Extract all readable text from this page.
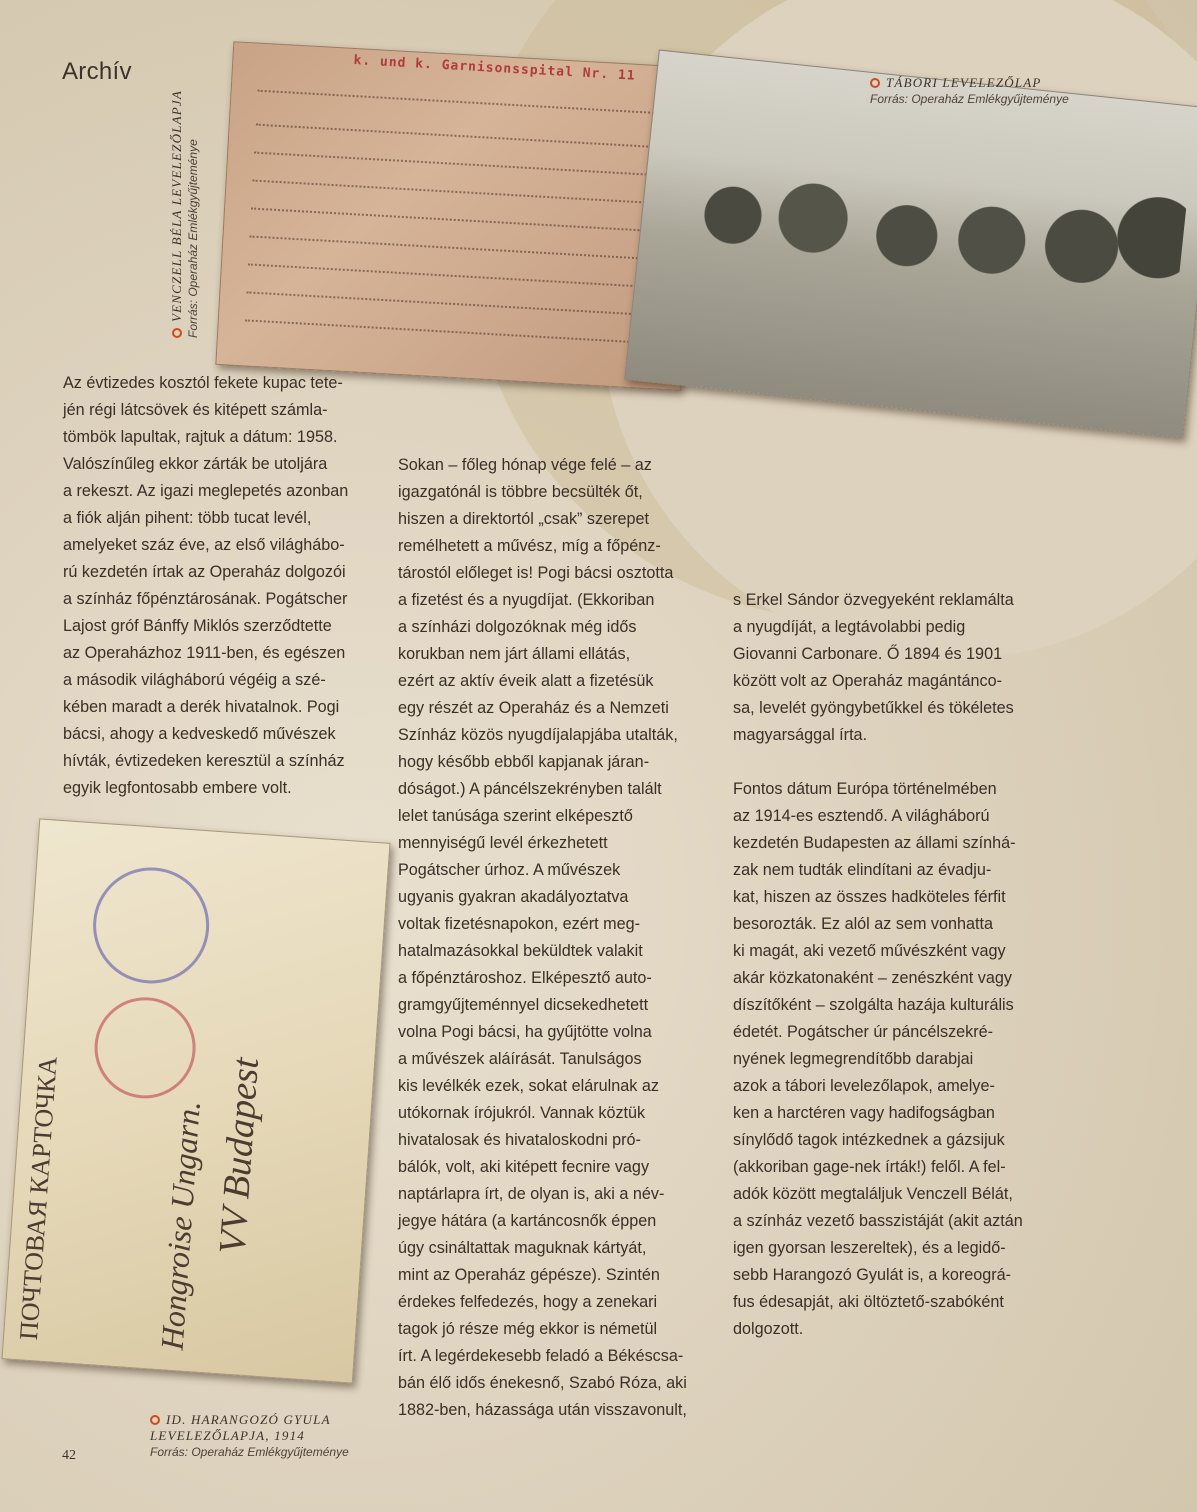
Archív	k. und k. Garnisonsspital Nr. 11
VENCZELL BÉLA LEVELEZŐLAPJA Forrás: Operaház Emlékgyűjteménye
TÁBORI LEVELEZŐLAP
Forrás: Operaház Emlékgyűjteménye
ПОЧТОВАЯ КАРТОЧКА	VV Budapest
Hongroise Ungarn.
ID. HARANGOZÓ GYULA LEVELEZŐLAPJA, 1914
Forrás: Operaház Emlékgyűjteménye

Az évtizedes kosztól fekete kupac tete-
jén régi látcsövek és kitépett számla-
tömbök lapultak, rajtuk a dátum: 1958.
Valószínűleg ekkor zárták be utoljára
a rekeszt. Az igazi meglepetés azonban
a fiók alján pihent: több tucat levél,
amelyeket száz éve, az első világhábo-
rú kezdetén írtak az Operaház dolgozói
a színház főpénztárosának. Pogátscher
Lajost gróf Bánffy Miklós szerződtette
az Operaházhoz 1911-ben, és egészen
a második világháború végéig a szé-
kében maradt a derék hivatalnok. Pogi
bácsi, ahogy a kedveskedő művészek
hívták, évtizedeken keresztül a színház
egyik legfontosabb embere volt.

Sokan – főleg hónap vége felé – az
igazgatónál is többre becsülték őt,
hiszen a direktortól „csak” szerepet
remélhetett a művész, míg a főpénz-
tárostól előleget is! Pogi bácsi osztotta
a fizetést és a nyugdíjat. (Ekkoriban
a színházi dolgozóknak még idős
korukban nem járt állami ellátás,
ezért az aktív éveik alatt a fizetésük
egy részét az Operaház és a Nemzeti
Színház közös nyugdíjalapjába utalták,
hogy később ebből kapjanak járan-
dóságot.) A páncélszekrényben talált
lelet tanúsága szerint elképesztő
mennyiségű levél érkezhetett
Pogátscher úrhoz. A művészek
ugyanis gyakran akadályoztatva
voltak fizetésnapokon, ezért meg-
hatalmazásokkal beküldtek valakit
a főpénztároshoz. Elképesztő auto-
gramgyűjteménnyel dicsekedhetett
volna Pogi bácsi, ha gyűjtötte volna
a művészek aláírását. Tanulságos
kis levélkék ezek, sokat elárulnak az
utókornak írójukról. Vannak köztük
hivatalosak és hivataloskodni pró-
bálók, volt, aki kitépett fecnire vagy
naptárlapra írt, de olyan is, aki a név-
jegye hátára (a kartáncosnők éppen
úgy csináltattak maguknak kártyát,
mint az Operaház gépésze). Szintén
érdekes felfedezés, hogy a zenekari
tagok jó része még ekkor is németül
írt. A legérdekesebb feladó a Békéscsa-
bán élő idős énekesnő, Szabó Róza, aki
1882-ben, házassága után visszavonult,

s Erkel Sándor özvegyeként reklamálta
a nyugdíját, a legtávolabbi pedig
Giovanni Carbonare. Ő 1894 és 1901
között volt az Operaház magántánco-
sa, levelét gyöngybetűkkel és tökéletes
magyarsággal írta.

Fontos dátum Európa történelmében
az 1914-es esztendő. A világháború
kezdetén Budapesten az állami színhá-
zak nem tudták elindítani az évadju-
kat, hiszen az összes hadköteles férfit
besorozták. Ez alól az sem vonhatta
ki magát, aki vezető művészként vagy
akár közkatonaként – zenészként vagy
díszítőként – szolgálta hazája kulturális
édetét. Pogátscher úr páncélszekré-
nyének legmegrendítőbb darabjai
azok a tábori levelezőlapok, amelye-
ken a harctéren vagy hadifogságban
sínylődő tagok intézkednek a gázsijuk
(akkoriban gage-nek írták!) felől. A fel-
adók között megtaláljuk Venczell Bélát,
a színház vezető basszistáját (akit aztán
igen gyorsan leszereltek), és a legidő-
sebb Harangozó Gyulát is, a koreográ-
fus édesapját, aki öltöztető-szabóként
dolgozott.

42
